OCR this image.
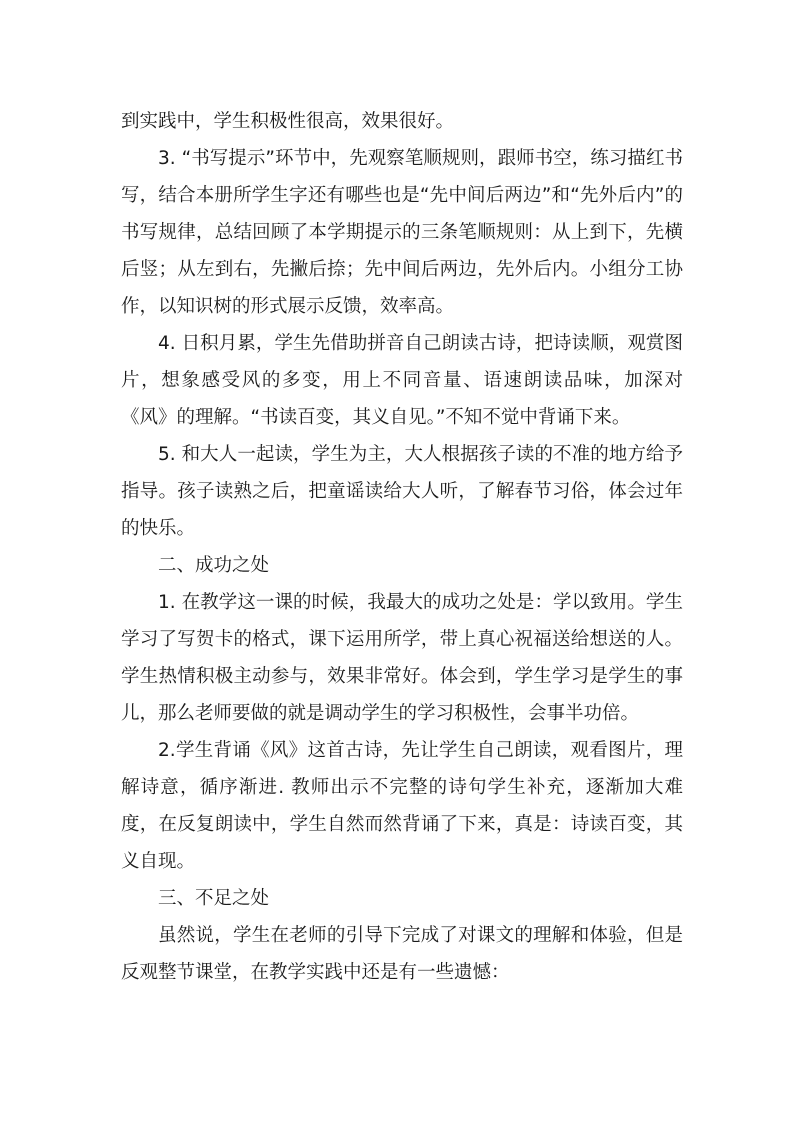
到实践中，学生积极性很高，效果很好。

3. “书写提示”环节中，先观察笔顺规则，跟师书空，练习描红书写，结合本册所学生字还有哪些也是“先中间后两边”和“先外后内”的书写规律，总结回顾了本学期提示的三条笔顺规则：从上到下，先横后竖；从左到右，先撇后捺；先中间后两边，先外后内。小组分工协作，以知识树的形式展示反馈，效率高。

4. 日积月累，学生先借助拼音自己朗读古诗，把诗读顺，观赏图片，想象感受风的多变，用上不同音量、语速朗读品味，加深对《风》的理解。“书读百变，其义自见。”不知不觉中背诵下来。

5. 和大人一起读，学生为主，大人根据孩子读的不准的地方给予指导。孩子读熟之后，把童谣读给大人听，了解春节习俗，体会过年的快乐。

二、成功之处

1. 在教学这一课的时候，我最大的成功之处是：学以致用。学生学习了写贺卡的格式，课下运用所学，带上真心祝福送给想送的人。学生热情积极主动参与，效果非常好。体会到，学生学习是学生的事儿，那么老师要做的就是调动学生的学习积极性，会事半功倍。

2.学生背诵《风》这首古诗，先让学生自己朗读，观看图片，理解诗意，循序渐进. 教师出示不完整的诗句学生补充，逐渐加大难度，在反复朗读中，学生自然而然背诵了下来，真是：诗读百变，其义自现。

三、不足之处

虽然说，学生在老师的引导下完成了对课文的理解和体验，但是反观整节课堂，在教学实践中还是有一些遗憾：
